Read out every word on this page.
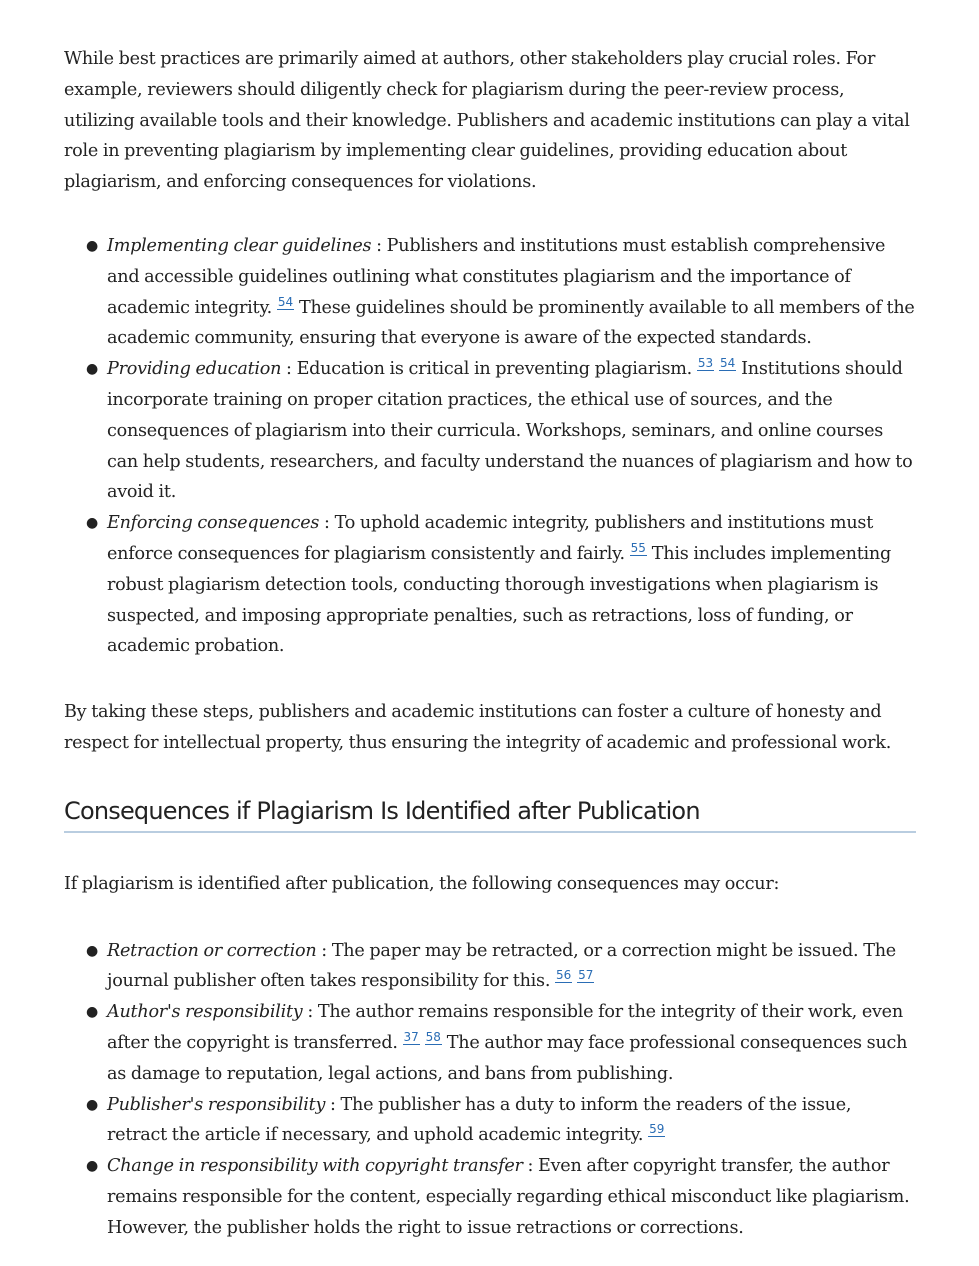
While best practices are primarily aimed at authors, other stakeholders play crucial roles. For example, reviewers should diligently check for plagiarism during the peer-review process, utilizing available tools and their knowledge. Publishers and academic institutions can play a vital role in preventing plagiarism by implementing clear guidelines, providing education about plagiarism, and enforcing consequences for violations.

● Implementing clear guidelines : Publishers and institutions must establish comprehensive and accessible guidelines outlining what constitutes plagiarism and the importance of academic integrity. $^{54}$ These guidelines should be prominently available to all members of the academic community, ensuring that everyone is aware of the expected standards.
● Providing education : Education is critical in preventing plagiarism. $^{53}$ $^{54}$ Institutions should incorporate training on proper citation practices, the ethical use of sources, and the consequences of plagiarism into their curricula. Workshops, seminars, and online courses can help students, researchers, and faculty understand the nuances of plagiarism and how to avoid it.
● Enforcing consequences : To uphold academic integrity, publishers and institutions must enforce consequences for plagiarism consistently and fairly. $^{55}$ This includes implementing robust plagiarism detection tools, conducting thorough investigations when plagiarism is suspected, and imposing appropriate penalties, such as retractions, loss of funding, or academic probation.

By taking these steps, publishers and academic institutions can foster a culture of honesty and respect for intellectual property, thus ensuring the integrity of academic and professional work.

Consequences if Plagiarism Is Identified after Publication

If plagiarism is identified after publication, the following consequences may occur:

● Retraction or correction : The paper may be retracted, or a correction might be issued. The journal publisher often takes responsibility for this. $^{56}$ $^{57}$
● Author's responsibility : The author remains responsible for the integrity of their work, even after the copyright is transferred. $^{37}$ $^{58}$ The author may face professional consequences such as damage to reputation, legal actions, and bans from publishing.
● Publisher's responsibility : The publisher has a duty to inform the readers of the issue, retract the article if necessary, and uphold academic integrity. $^{59}$
● Change in responsibility with copyright transfer : Even after copyright transfer, the author remains responsible for the content, especially regarding ethical misconduct like plagiarism. However, the publisher holds the right to issue retractions or corrections.
